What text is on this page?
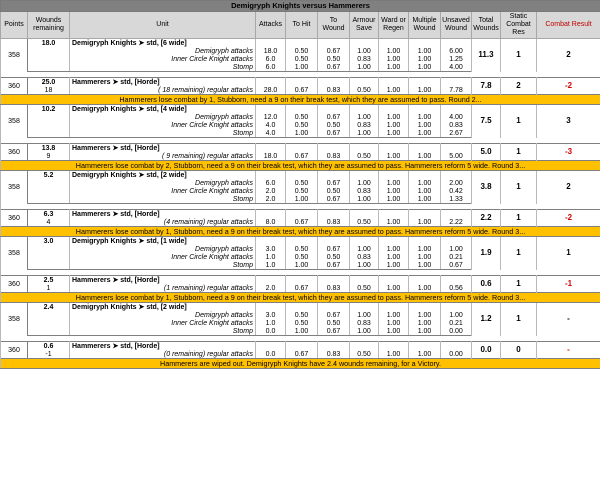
Demigryph Knights versus Hammerers												
Points	Wounds remaining	Unit	Attacks	To Hit	To Wound	Armour Save	Ward or Regen	Multiple Wound	Unsaved Wound	Total Wounds	Static Combat Res	Combat Result
358	18.0	Demigryph Knights ➤ std, [6 wide]								11.3	1	2
		Demigryph attacks	18.0	0.50	0.67	1.00	1.00	1.00	6.00			
		Inner Circle Knight attacks	6.0	0.50	0.50	0.83	1.00	1.00	1.25			
		Stomp	6.0	1.00	0.67	1.00	1.00	1.00	4.00			

360	25.0	Hammerers ➤ std, [Horde]								7.8	2	-2
	18	( 18 remaining) regular attacks	28.0	0.67	0.83	0.50	1.00	1.00	7.78			
Hammerers lose combat by 1, Stubborn, need a 9 on their break test, which they are assumed to pass. Round 2...												
358	10.2	Demigryph Knights ➤ std, [4 wide]								7.5	1	3
		Demigryph attacks	12.0	0.50	0.67	1.00	1.00	1.00	4.00			
		Inner Circle Knight attacks	4.0	0.50	0.50	0.83	1.00	1.00	0.83			
		Stomp	4.0	1.00	0.67	1.00	1.00	1.00	2.67			

360	13.8	Hammerers ➤ std, [Horde]								5.0	1	-3
	9	( 9 remaining) regular attacks	18.0	0.67	0.83	0.50	1.00	1.00	5.00			
Hammerers lose combat by 2, Stubborn, need a 9 on their break test, which they are assumed to pass. Hammerers reform 5 wide. Round 3...												
358	5.2	Demigryph Knights ➤ std, [2 wide]								3.8	1	2
		Demigryph attacks	6.0	0.50	0.67	1.00	1.00	1.00	2.00			
		Inner Circle Knight attacks	2.0	0.50	0.50	0.83	1.00	1.00	0.42			
		Stomp	2.0	1.00	0.67	1.00	1.00	1.00	1.33			

360	6.3	Hammerers ➤ std, [Horde]								2.2	1	-2
	4	(4 remaining) regular attacks	8.0	0.67	0.83	0.50	1.00	1.00	2.22			
Hammerers lose combat by 1, Stubborn, need a 9 on their break test, which they are assumed to pass. Hammerers reform 5 wide. Round 3...												
358	3.0	Demigryph Knights ➤ std, [1 wide]								1.9	1	1
		Demigryph attacks	3.0	0.50	0.67	1.00	1.00	1.00	1.00			
		Inner Circle Knight attacks	1.0	0.50	0.50	0.83	1.00	1.00	0.21			
		Stomp	1.0	1.00	0.67	1.00	1.00	1.00	0.67			

360	2.5	Hammerers ➤ std, [Horde]								0.6	1	-1
	1	(1 remaining) regular attacks	2.0	0.67	0.83	0.50	1.00	1.00	0.56			
Hammerers lose combat by 1, Stubborn, need a 9 on their break test, which they are assumed to pass. Hammerers reform 5 wide. Round 3...												
358	2.4	Demigryph Knights ➤ std, [2 wide]								1.2	1	-
		Demigryph attacks	3.0	0.50	0.67	1.00	1.00	1.00	1.00			
		Inner Circle Knight attacks	1.0	0.50	0.50	0.83	1.00	1.00	0.21			
		Stomp	0.0	1.00	0.67	1.00	1.00	1.00	0.00			

360	0.6	Hammerers ➤ std, [Horde]								0.0	0	-
	-1	(0 remaining) regular attacks	0.0	0.67	0.83	0.50	1.00	1.00	0.00			
Hammerers are wiped out. Demigryph Knights have 2.4 wounds remaining, for a Victory.												
